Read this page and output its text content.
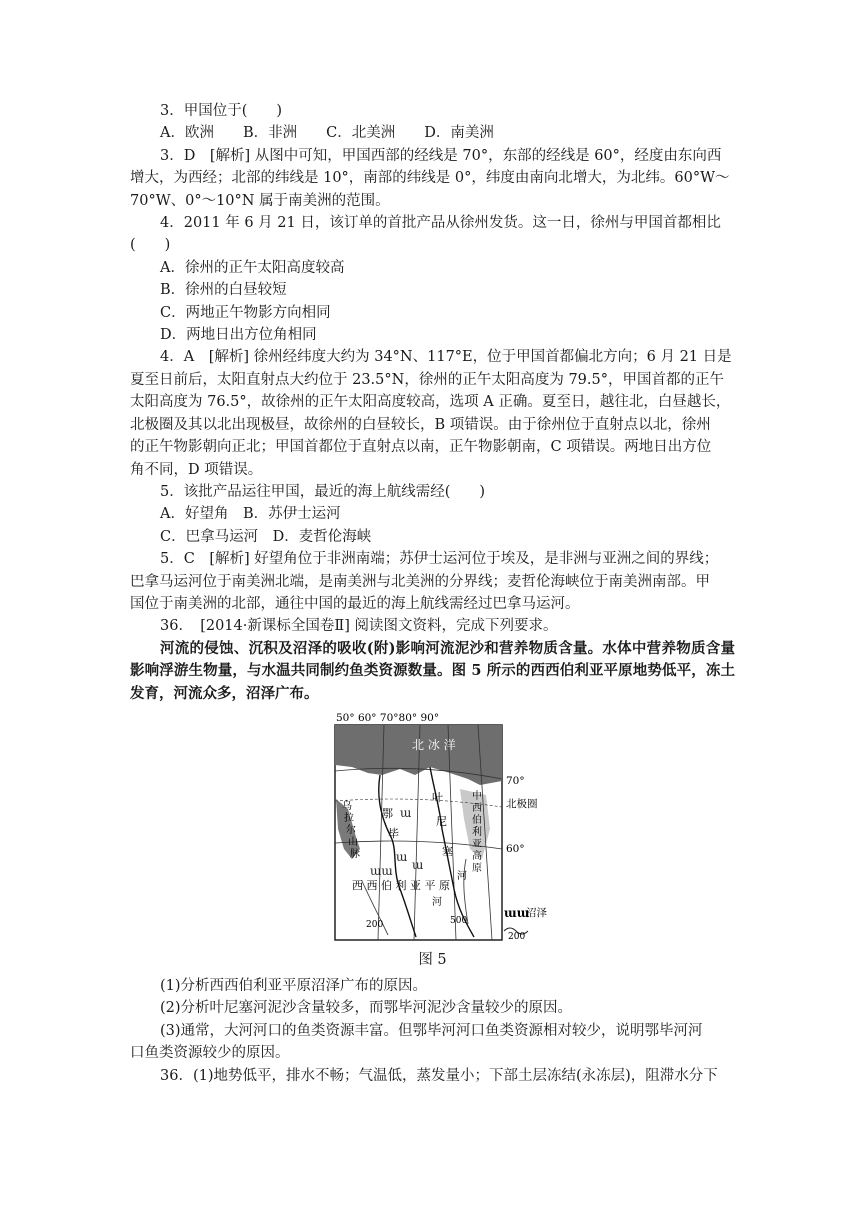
3．甲国位于(　　)
A．欧洲　　B．非洲　　C．北美洲　　D．南美洲
3．D　[解析] 从图中可知，甲国西部的经线是 70°，东部的经线是 60°，经度由东向西
增大，为西经；北部的纬线是 10°，南部的纬线是 0°，纬度由南向北增大，为北纬。60°W～
70°W、0°～10°N 属于南美洲的范围。
4．2011 年 6 月 21 日，该订单的首批产品从徐州发货。这一日，徐州与甲国首都相比
(　　)
A．徐州的正午太阳高度较高
B．徐州的白昼较短
C．两地正午物影方向相同
D．两地日出方位角相同
4．A　[解析] 徐州经纬度大约为 34°N、117°E，位于甲国首都偏北方向；6 月 21 日是
夏至日前后，太阳直射点大约位于 23.5°N，徐州的正午太阳高度为 79.5°，甲国首都的正午
太阳高度为 76.5°，故徐州的正午太阳高度较高，选项 A 正确。夏至日，越往北，白昼越长，
北极圈及其以北出现极昼，故徐州的白昼较长，B 项错误。由于徐州位于直射点以北，徐州
的正午物影朝向正北；甲国首都位于直射点以南，正午物影朝南，C 项错误。两地日出方位
角不同，D 项错误。
5．该批产品运往甲国，最近的海上航线需经(　　)
A．好望角　B．苏伊士运河
C．巴拿马运河　D．麦哲伦海峡
5．C　[解析] 好望角位于非洲南端；苏伊士运河位于埃及，是非洲与亚洲之间的界线；
巴拿马运河位于南美洲北端，是南美洲与北美洲的分界线；麦哲伦海峡位于南美洲南部。甲
国位于南美洲的北部，通往中国的最近的海上航线需经过巴拿马运河。
36．　[2014·新课标全国卷Ⅱ] 阅读图文资料，完成下列要求。
河流的侵蚀、沉积及沼泽的吸收(附)影响河流泥沙和营养物质含量。水体中营养物质含量影响浮游生物量，与水温共同制约鱼类资源数量。图 5 所示的西西伯利亚平原地势低平，冻土发育，河流众多，沼泽广布。
ɯ
ɯ
ɯɯ ɯ
50° 60° 70°80° 90°
北 冰 洋
70°
北极圈
60°
乌
拉
尔
山
脉
鄂
毕
叶
尼
塞
中
西
伯
利
亚
高
原
西 西 伯 利 亚 平 原
河
河
200	500
ɯɯ
沼泽
200
图 5
(1)分析西西伯利亚平原沼泽广布的原因。
(2)分析叶尼塞河泥沙含量较多，而鄂毕河泥沙含量较少的原因。
(3)通常，大河河口的鱼类资源丰富。但鄂毕河河口鱼类资源相对较少，说明鄂毕河河
口鱼类资源较少的原因。
36．(1)地势低平，排水不畅；气温低，蒸发量小；下部土层冻结(永冻层)，阻滞水分下
